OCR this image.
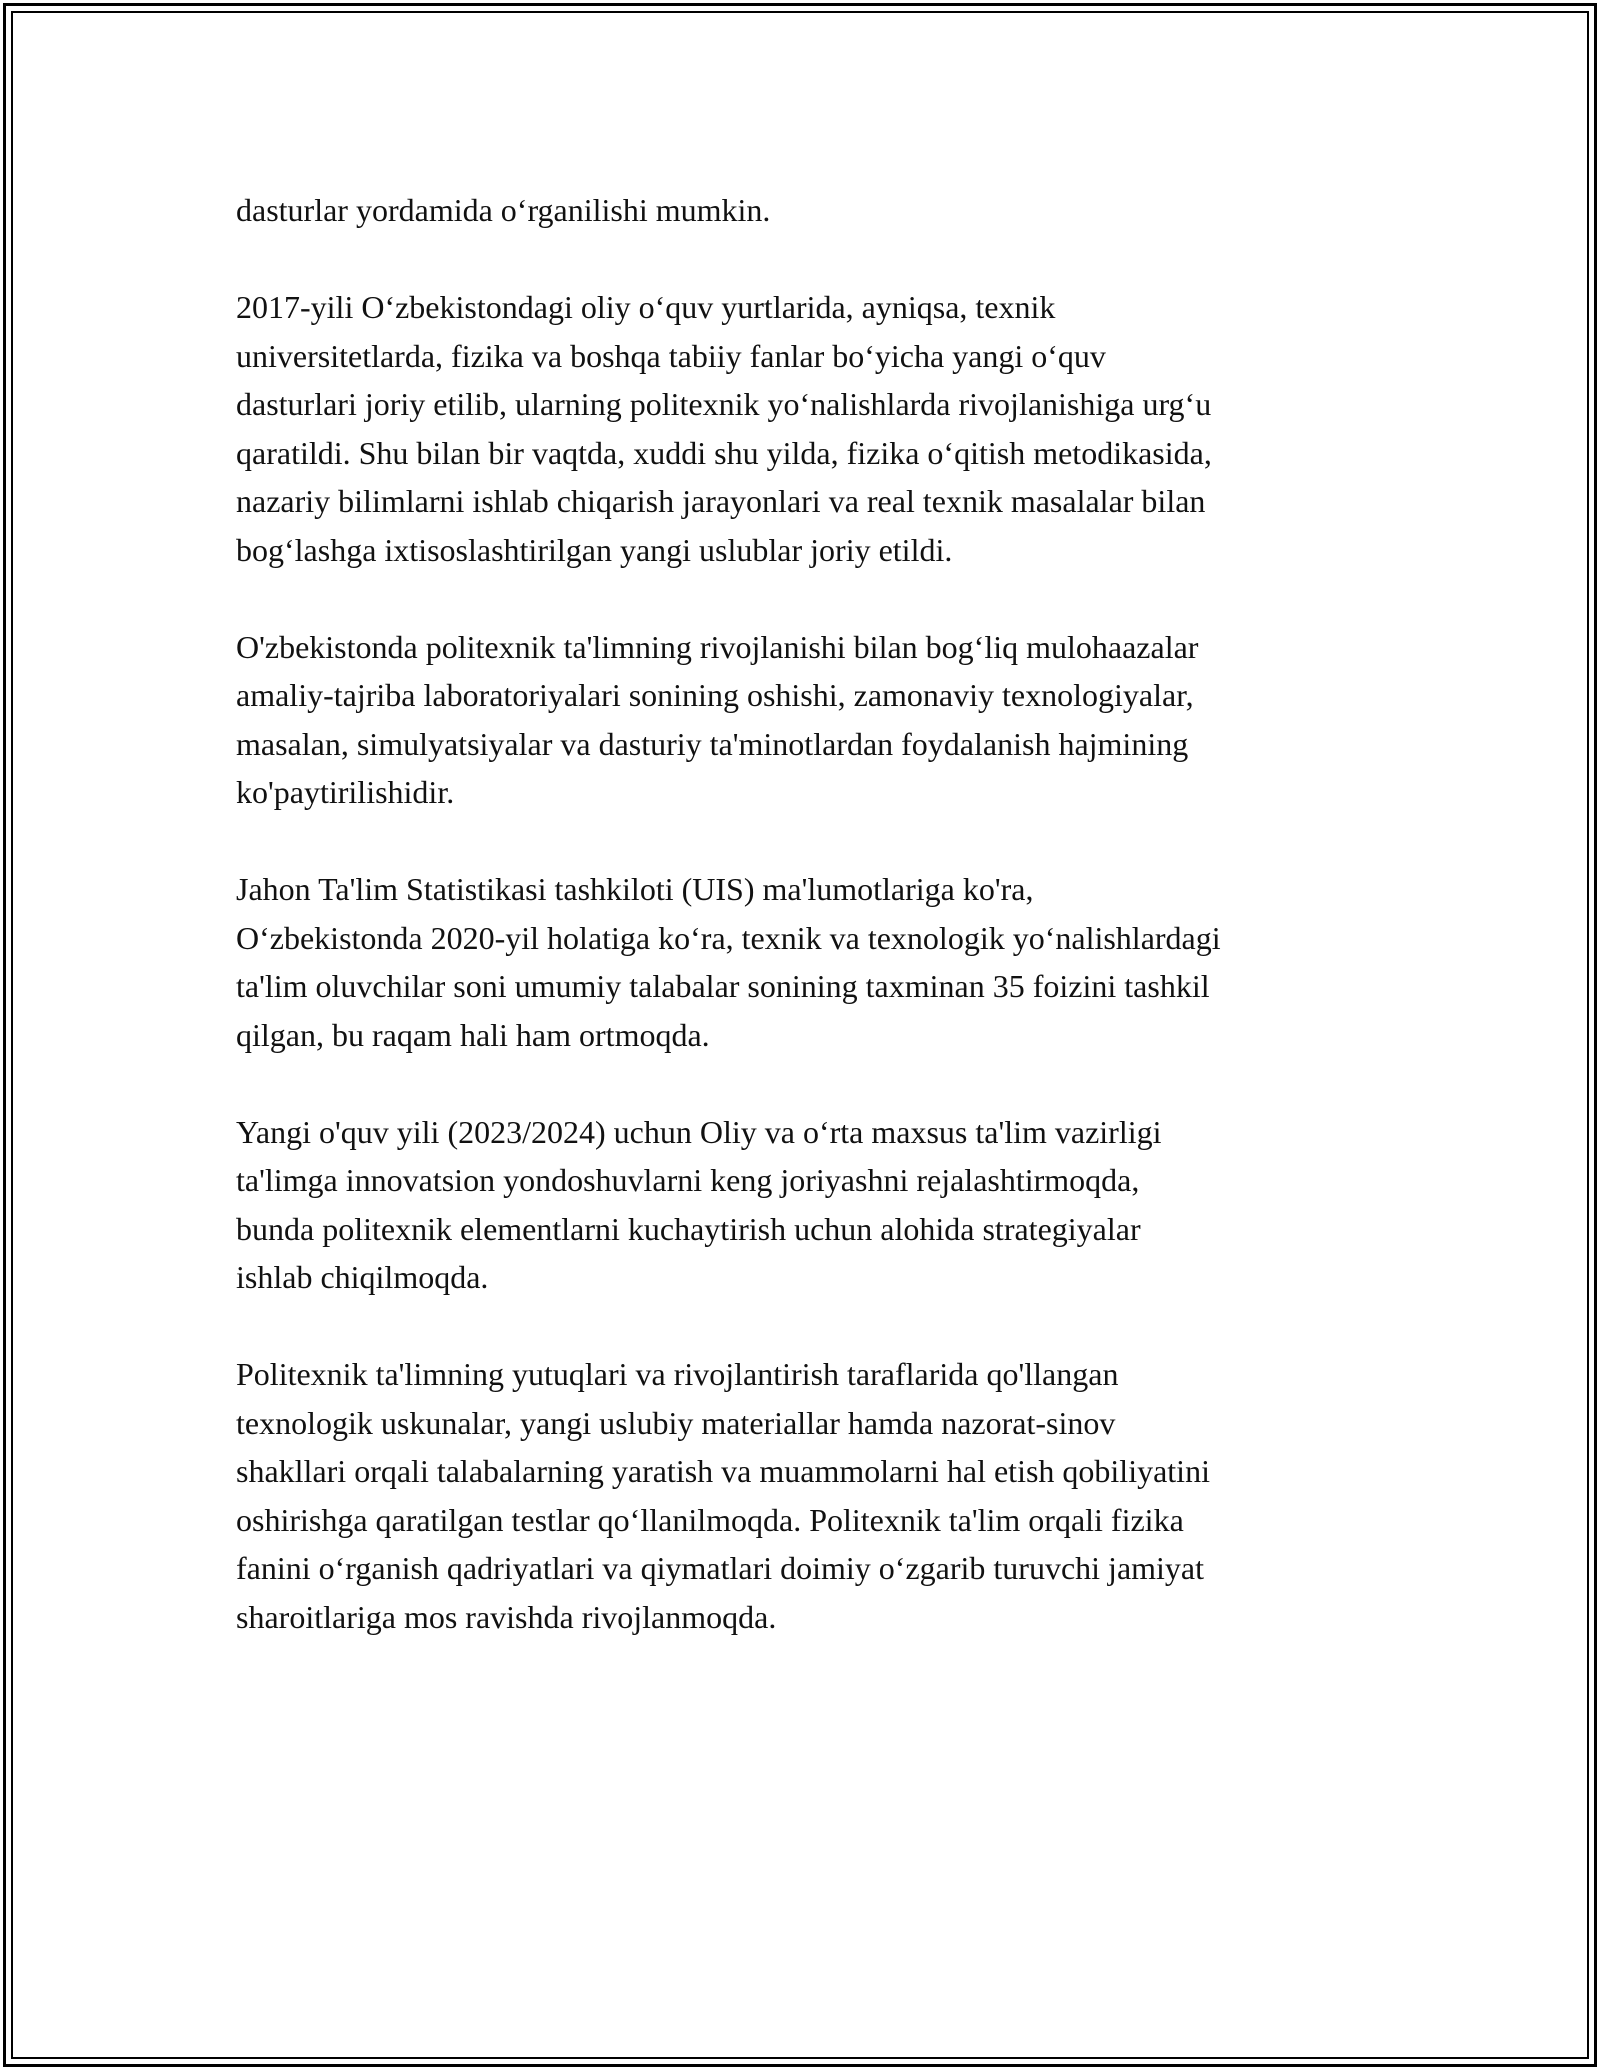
dasturlar yordamida o‘rganilishi mumkin.

2017-yili O‘zbekistondagi oliy o‘quv yurtlarida, ayniqsa, texnik
universitetlarda, fizika va boshqa tabiiy fanlar bo‘yicha yangi o‘quv
dasturlari joriy etilib, ularning politexnik yo‘nalishlarda rivojlanishiga urg‘u
qaratildi. Shu bilan bir vaqtda, xuddi shu yilda, fizika o‘qitish metodikasida,
nazariy bilimlarni ishlab chiqarish jarayonlari va real texnik masalalar bilan
bog‘lashga ixtisoslashtirilgan yangi uslublar joriy etildi.

O'zbekistonda politexnik ta'limning rivojlanishi bilan bog‘liq mulohaazalar
amaliy-tajriba laboratoriyalari sonining oshishi, zamonaviy texnologiyalar,
masalan, simulyatsiyalar va dasturiy ta'minotlardan foydalanish hajmining
ko'paytirilishidir.

Jahon Ta'lim Statistikasi tashkiloti (UIS) ma'lumotlariga ko'ra,
O‘zbekistonda 2020-yil holatiga ko‘ra, texnik va texnologik yo‘nalishlardagi
ta'lim oluvchilar soni umumiy talabalar sonining taxminan 35 foizini tashkil
qilgan, bu raqam hali ham ortmoqda.

Yangi o'quv yili (2023/2024) uchun Oliy va o‘rta maxsus ta'lim vazirligi
ta'limga innovatsion yondoshuvlarni keng joriyashni rejalashtirmoqda,
bunda politexnik elementlarni kuchaytirish uchun alohida strategiyalar
ishlab chiqilmoqda.

Politexnik ta'limning yutuqlari va rivojlantirish taraflarida qo'llangan
texnologik uskunalar, yangi uslubiy materiallar hamda nazorat-sinov
shakllari orqali talabalarning yaratish va muammolarni hal etish qobiliyatini
oshirishga qaratilgan testlar qo‘llanilmoqda. Politexnik ta'lim orqali fizika
fanini o‘rganish qadriyatlari va qiymatlari doimiy o‘zgarib turuvchi jamiyat
sharoitlariga mos ravishda rivojlanmoqda.
